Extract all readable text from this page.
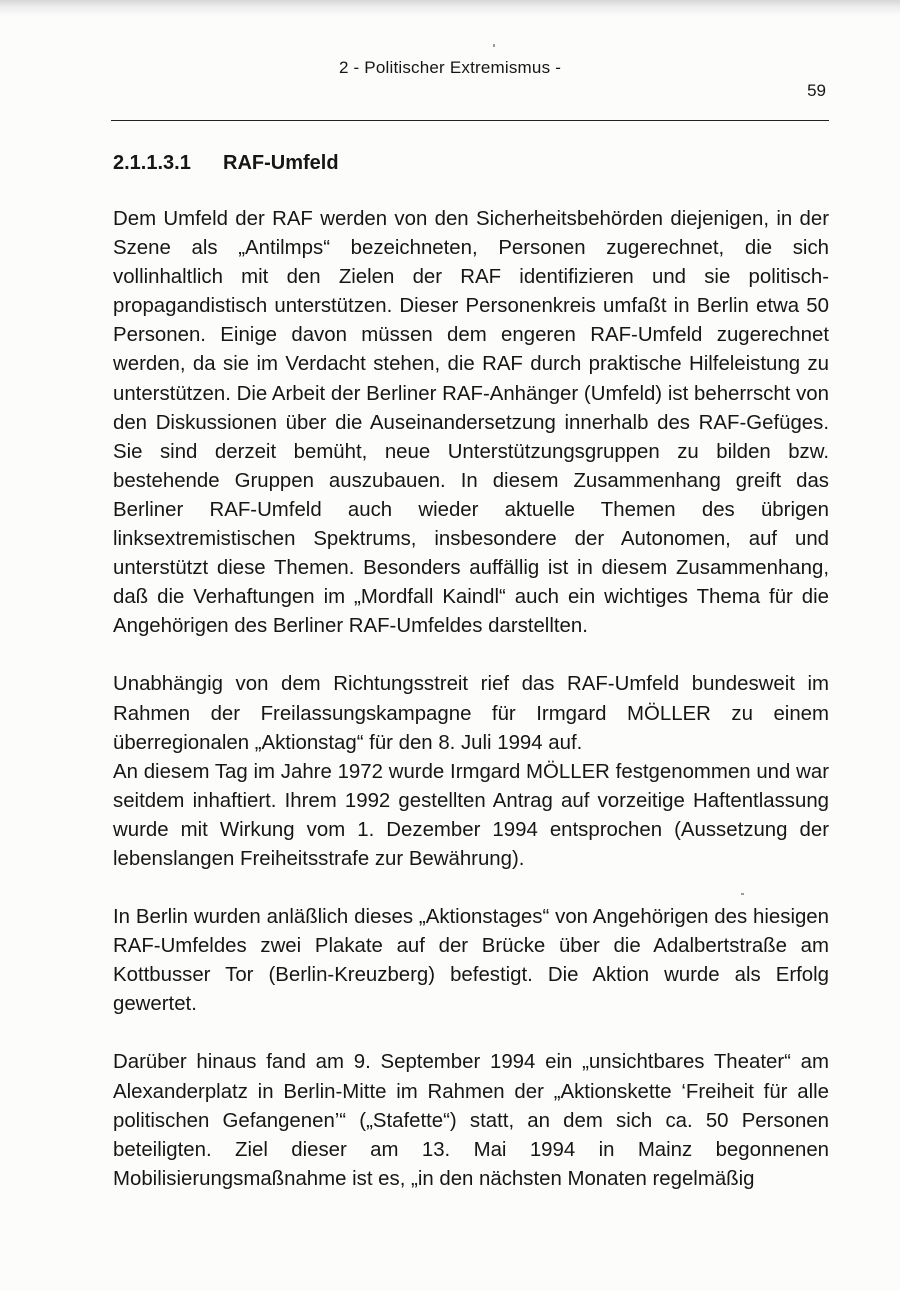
2 - Politischer Extremismus -
59
2.1.1.3.1 RAF-Umfeld

Dem Umfeld der RAF werden von den Sicherheitsbehörden diejenigen, in der Szene als „Antilmps“ bezeichneten, Personen zugerechnet, die sich vollinhaltlich mit den Zielen der RAF identifizieren und sie politisch-propagandistisch unterstützen. Dieser Personenkreis umfaßt in Berlin etwa 50 Personen. Einige davon müssen dem engeren RAF-Umfeld zugerechnet werden, da sie im Verdacht stehen, die RAF durch praktische Hilfeleistung zu unterstützen. Die Arbeit der Berliner RAF-Anhänger (Umfeld) ist beherrscht von den Diskussionen über die Auseinandersetzung innerhalb des RAF-Gefüges. Sie sind derzeit bemüht, neue Unterstützungsgruppen zu bilden bzw. bestehende Gruppen auszubauen. In diesem Zusammenhang greift das Berliner RAF-Umfeld auch wieder aktuelle Themen des übrigen linksextremistischen Spektrums, insbesondere der Autonomen, auf und unterstützt diese Themen. Besonders auffällig ist in diesem Zusammenhang, daß die Verhaftungen im „Mordfall Kaindl“ auch ein wichtiges Thema für die Angehörigen des Berliner RAF-Umfeldes darstellten.

Unabhängig von dem Richtungsstreit rief das RAF-Umfeld bundesweit im Rahmen der Freilassungskampagne für Irmgard MÖLLER zu einem überregionalen „Aktionstag“ für den 8. Juli 1994 auf.

An diesem Tag im Jahre 1972 wurde Irmgard MÖLLER festgenommen und war seitdem inhaftiert. Ihrem 1992 gestellten Antrag auf vorzeitige Haftentlassung wurde mit Wirkung vom 1. Dezember 1994 entsprochen (Aussetzung der lebenslangen Freiheitsstrafe zur Bewährung).

In Berlin wurden anläßlich dieses „Aktionstages“ von Angehörigen des hiesigen RAF-Umfeldes zwei Plakate auf der Brücke über die Adalbertstraße am Kottbusser Tor (Berlin-Kreuzberg) befestigt. Die Aktion wurde als Erfolg gewertet.

Darüber hinaus fand am 9. September 1994 ein „unsichtbares Theater“ am Alexanderplatz in Berlin-Mitte im Rahmen der „Aktionskette ‘Freiheit für alle politischen Gefangenen’“ („Stafette“) statt, an dem sich ca. 50 Personen beteiligten. Ziel dieser am 13. Mai 1994 in Mainz begonnenen Mobilisierungsmaßnahme ist es, „in den nächsten Monaten regelmäßig
